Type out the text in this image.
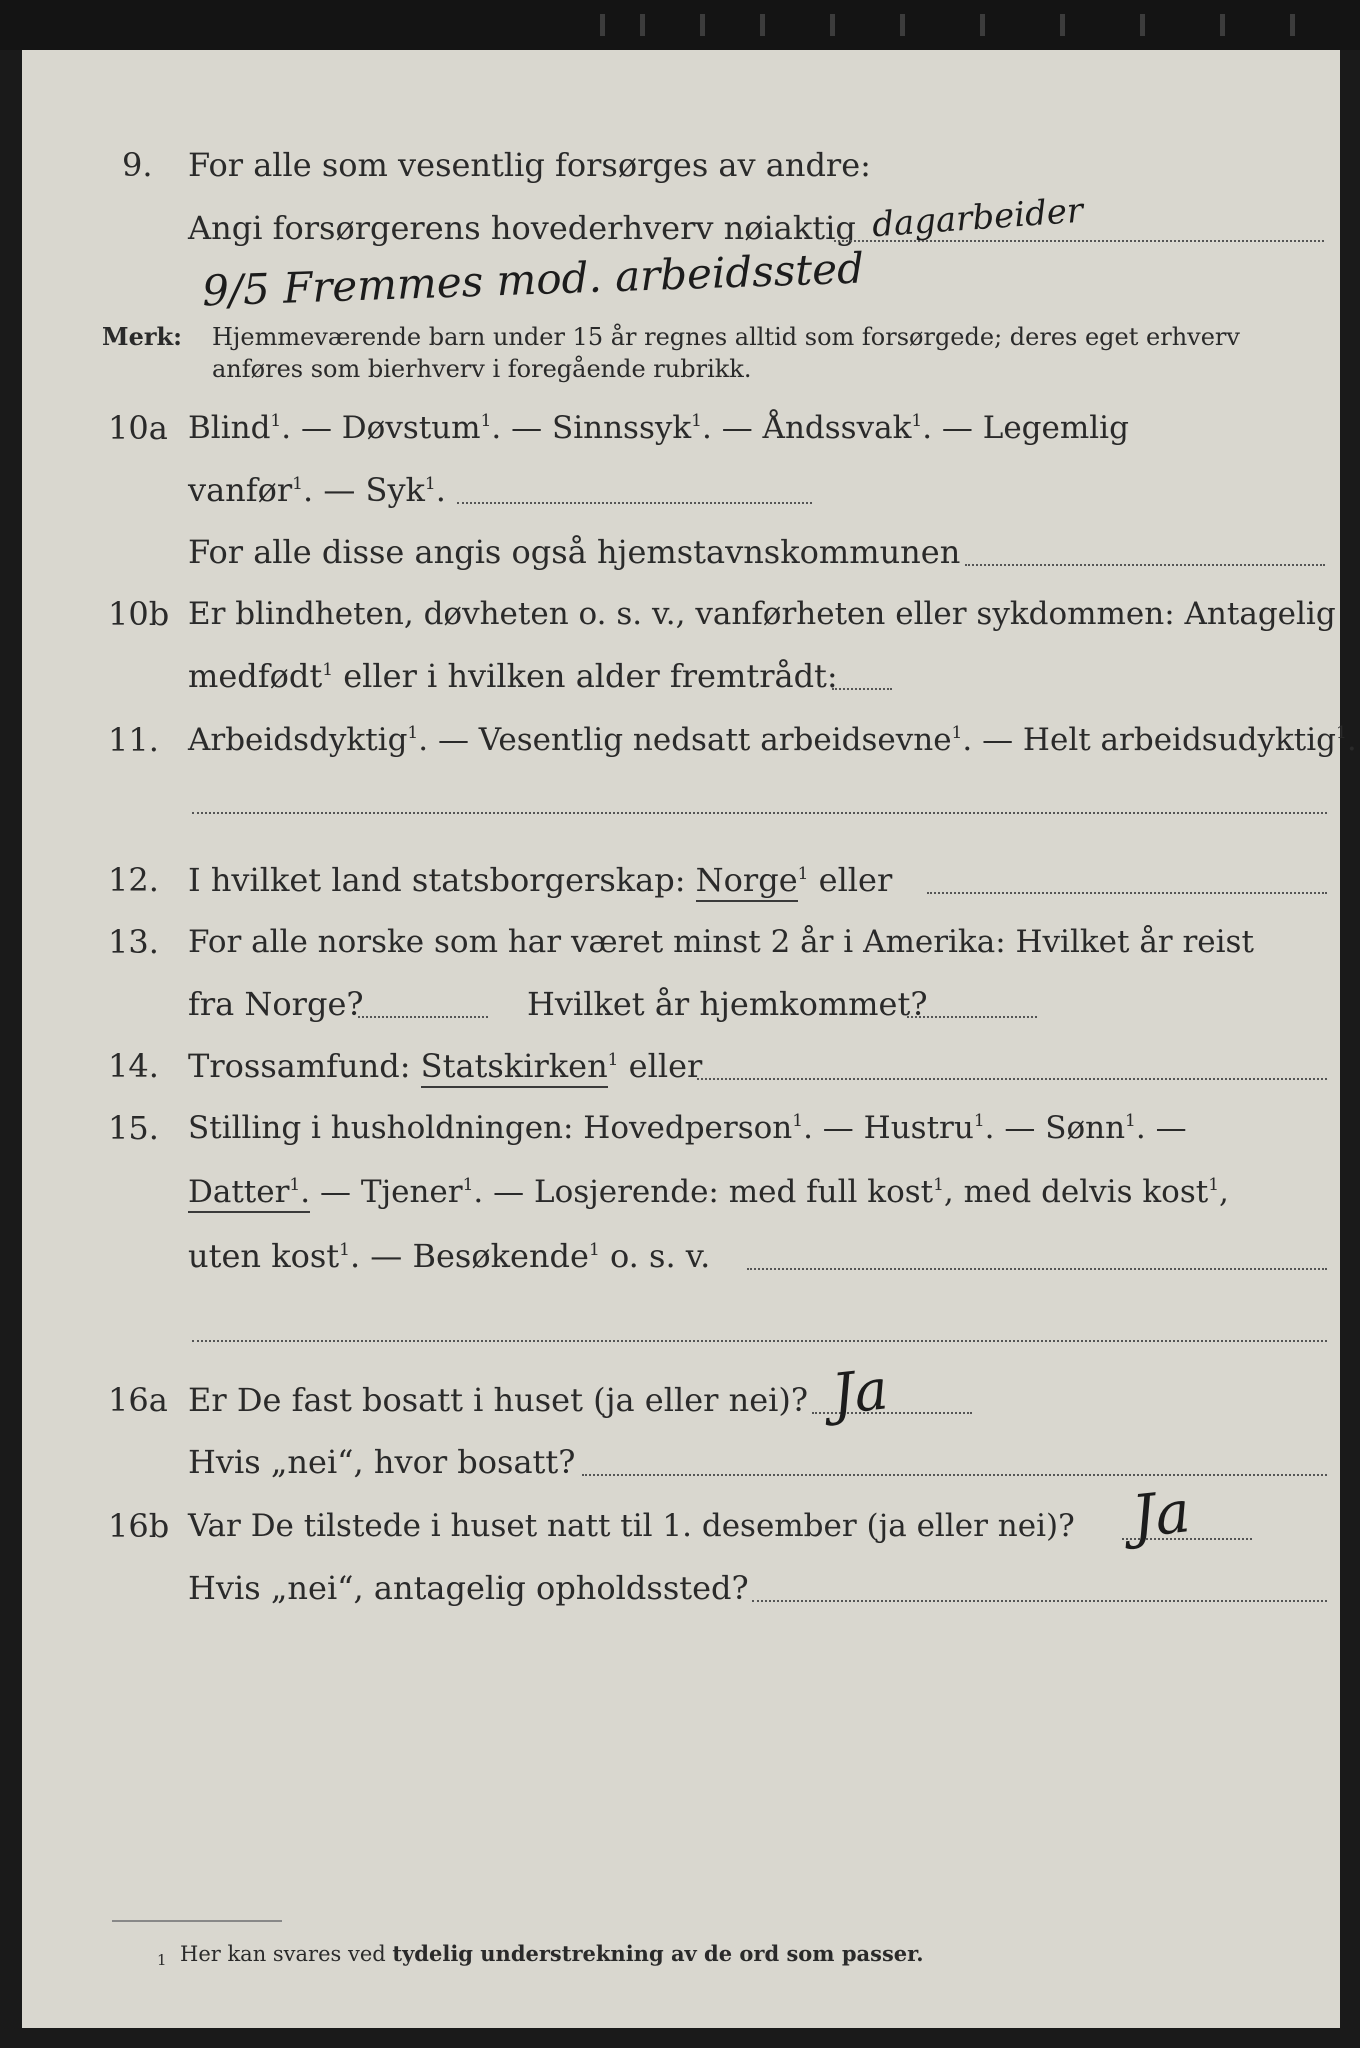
9. For alle som vesentlig forsørges av andre:
Angi forsørgerens hovederhverv nøiaktig dagarbeider
9/5 Fremmes mod. arbeidssted
Merk: Hjemmeværende barn under 15 år regnes alltid som forsørgede; deres eget erhverv
anføres som bierhverv i foregående rubrikk.
10a Blind$^1$. — Døvstum$^1$. — Sinnssyk$^1$. — Åndssvak$^1$. — Legemlig
vanfør$^1$. — Syk$^1$.
For alle disse angis også hjemstavnskommunen
10b Er blindheten, døvheten o. s. v., vanførheten eller sykdommen: Antagelig
medfødt$^1$ eller i hvilken alder fremtrådt:
11. Arbeidsdyktig$^1$. — Vesentlig nedsatt arbeidsevne$^1$. — Helt arbeidsudyktig$^1$.
12. I hvilket land statsborgerskap: Norge$^1$ eller
13. For alle norske som har været minst 2 år i Amerika: Hvilket år reist
fra Norge?	Hvilket år hjemkommet?
14. Trossamfund: Statskirken$^1$ eller
15. Stilling i husholdningen: Hovedperson$^1$. — Hustru$^1$. — Sønn$^1$. —
Datter$^1$. — Tjener$^1$. — Losjerende: med full kost$^1$, med delvis kost$^1$,
uten kost$^1$. — Besøkende$^1$ o. s. v.
16a Er De fast bosatt i huset (ja eller nei)? Ja
Hvis „nei“, hvor bosatt?
16b Var De tilstede i huset natt til 1. desember (ja eller nei)? Ja
Hvis „nei“, antagelig opholdssted?
1 Her kan svares ved tydelig understrekning av de ord som passer.
